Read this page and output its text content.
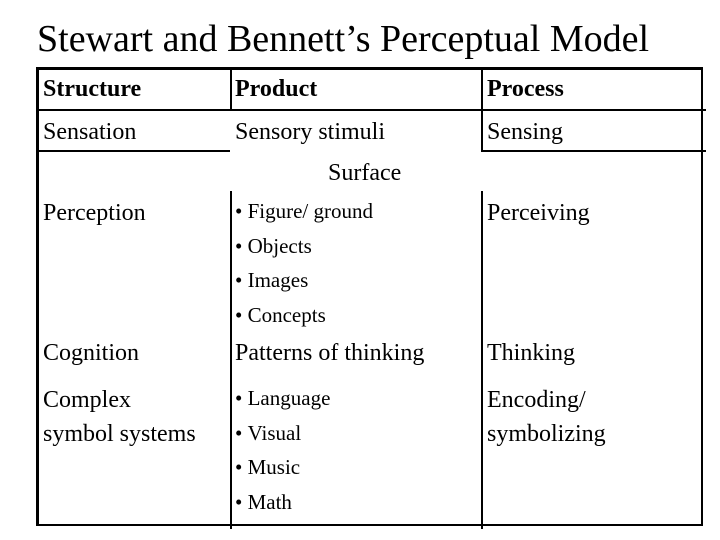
Stewart and Bennett’s Perceptual Model
Structure	Product	Process
Sensation	Sensory stimuli	Sensing
Surface
Perception
•	Figure/ ground
• Objects
• Images
• Concepts
Perceiving
Cognition	Patterns of thinking	Thinking
Complex
symbol systems
• Language
• Visual
• Music
• Math
Encoding/
symbolizing
